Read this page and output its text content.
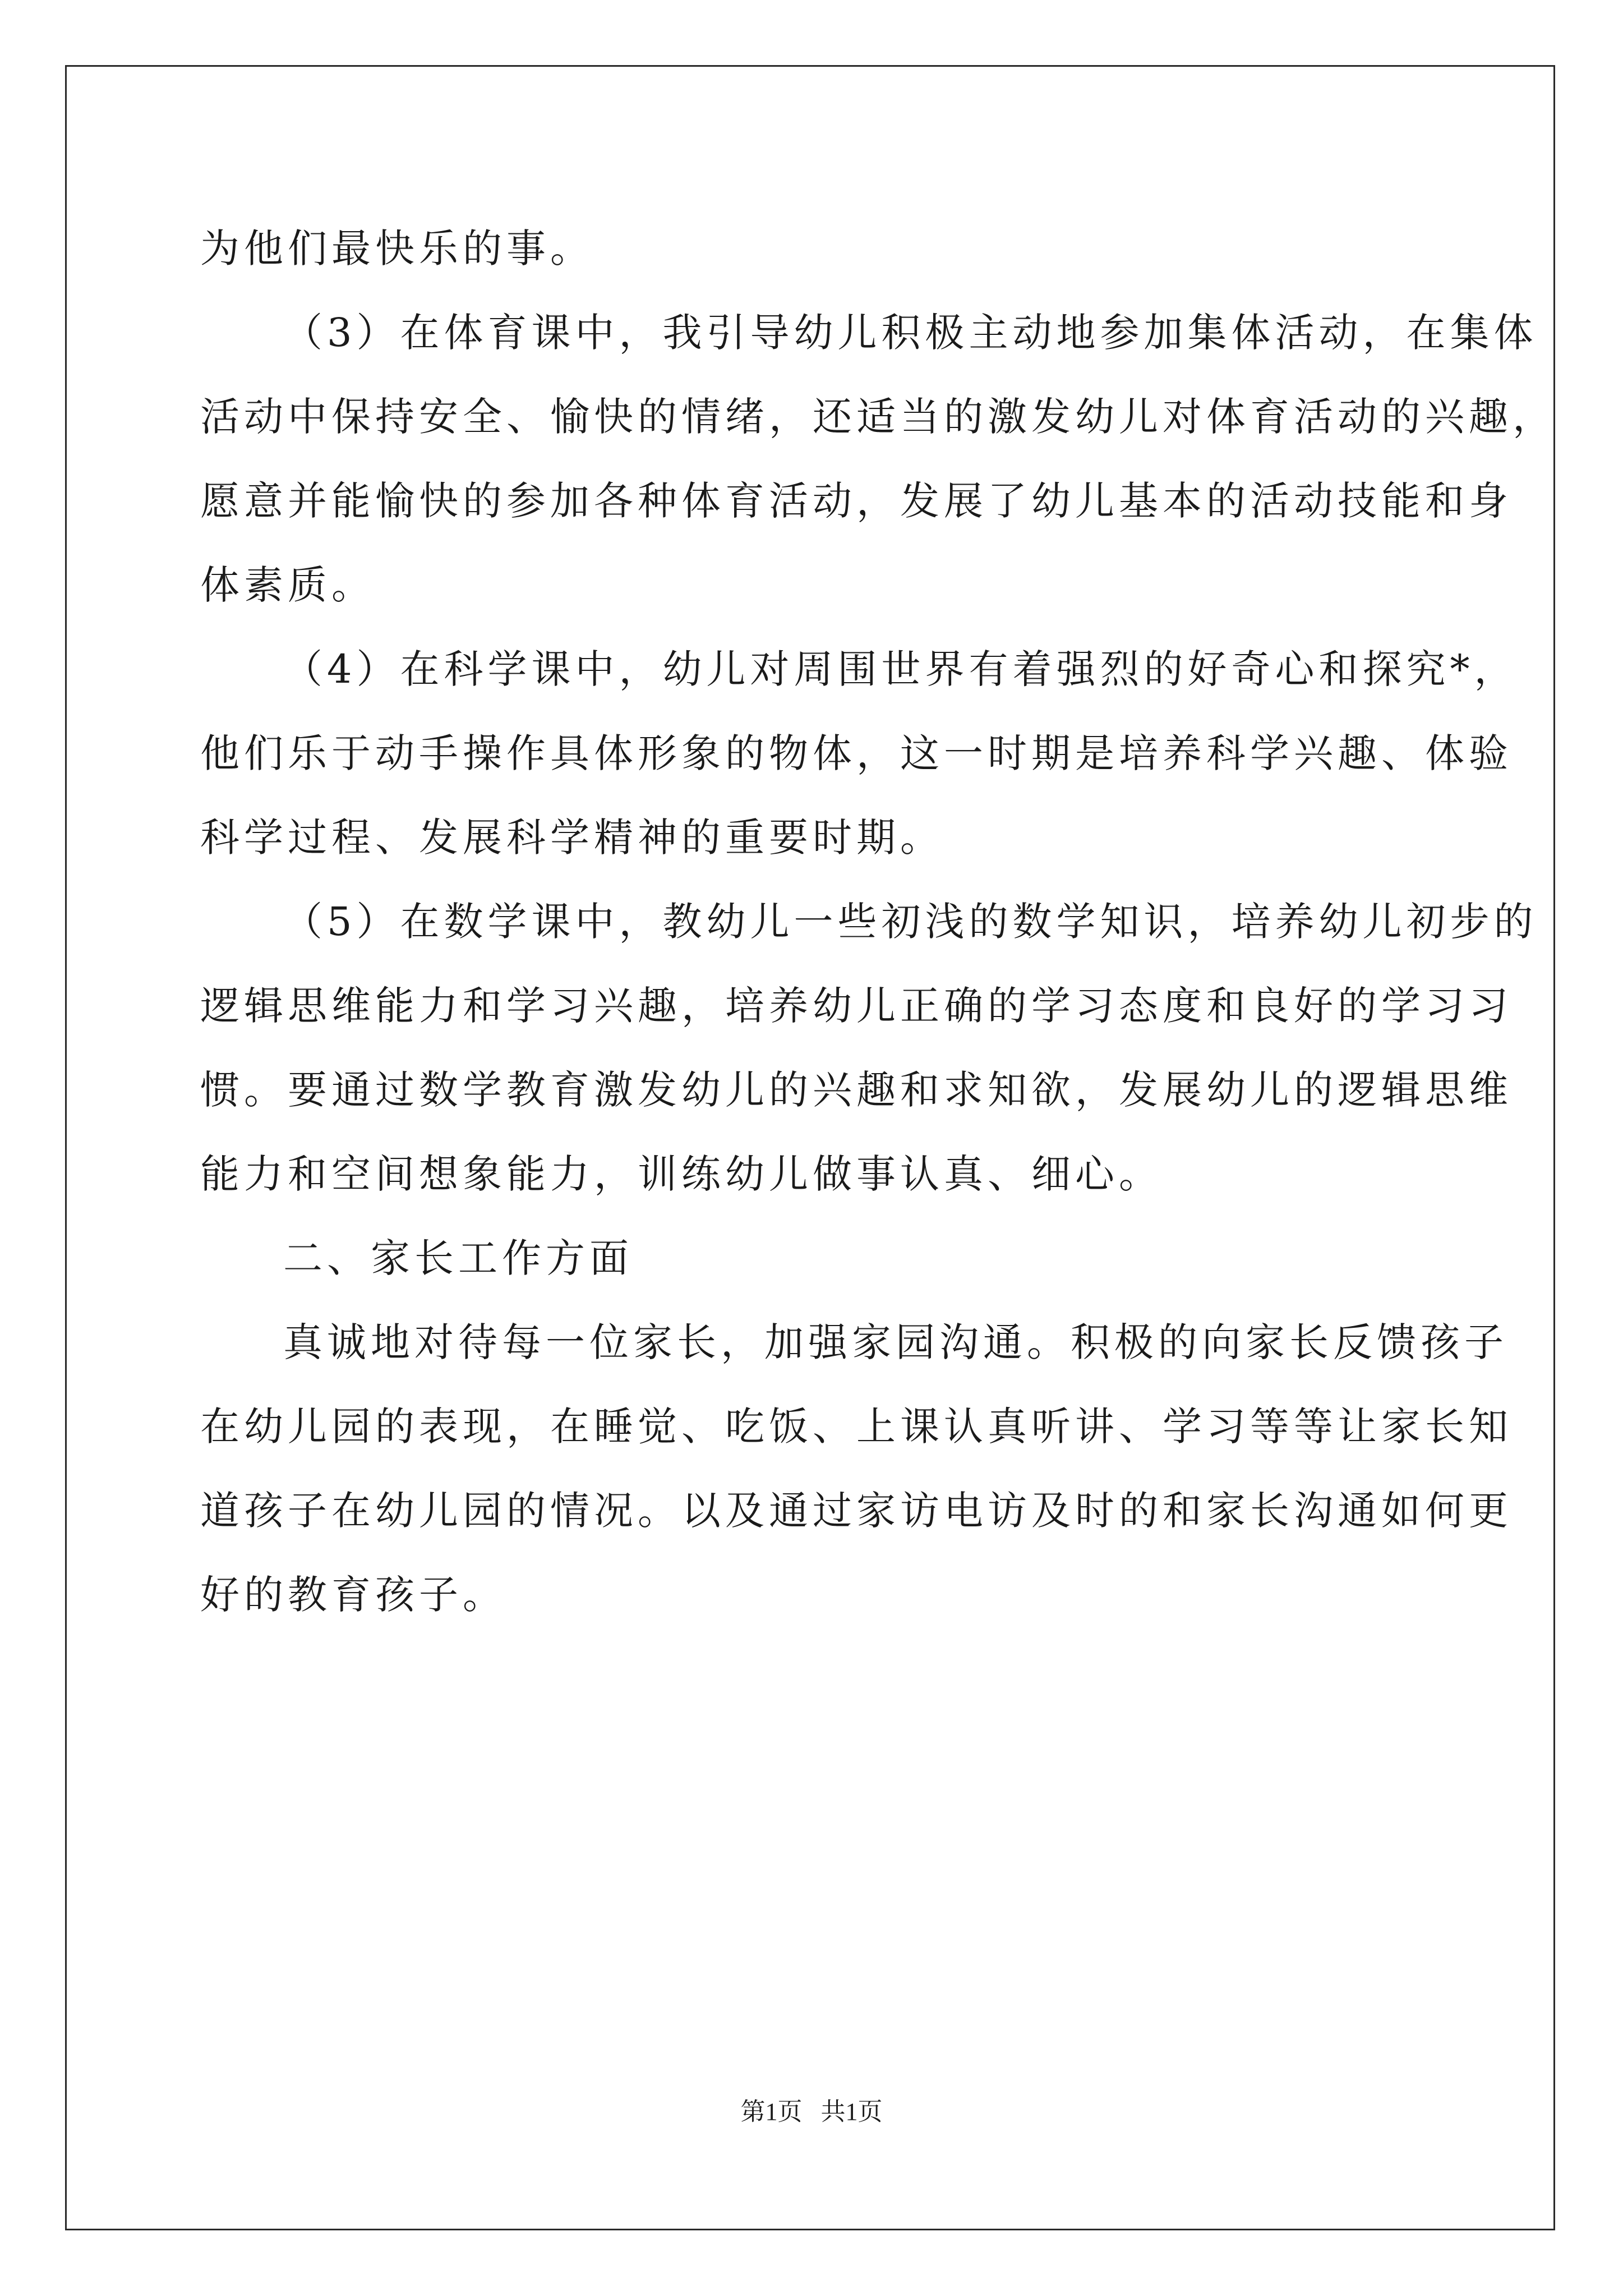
为他们最快乐的事。
（3）在体育课中，我引导幼儿积极主动地参加集体活动，在集体
活动中保持安全、愉快的情绪，还适当的激发幼儿对体育活动的兴趣，
愿意并能愉快的参加各种体育活动，发展了幼儿基本的活动技能和身
体素质。
（4）在科学课中，幼儿对周围世界有着强烈的好奇心和探究*，
他们乐于动手操作具体形象的物体，这一时期是培养科学兴趣、体验
科学过程、发展科学精神的重要时期。
（5）在数学课中，教幼儿一些初浅的数学知识，培养幼儿初步的
逻辑思维能力和学习兴趣，培养幼儿正确的学习态度和良好的学习习
惯。要通过数学教育激发幼儿的兴趣和求知欲，发展幼儿的逻辑思维
能力和空间想象能力，训练幼儿做事认真、细心。
二、家长工作方面
真诚地对待每一位家长，加强家园沟通。积极的向家长反馈孩子
在幼儿园的表现，在睡觉、吃饭、上课认真听讲、学习等等让家长知
道孩子在幼儿园的情况。以及通过家访电访及时的和家长沟通如何更
好的教育孩子。
第1页   共1页
